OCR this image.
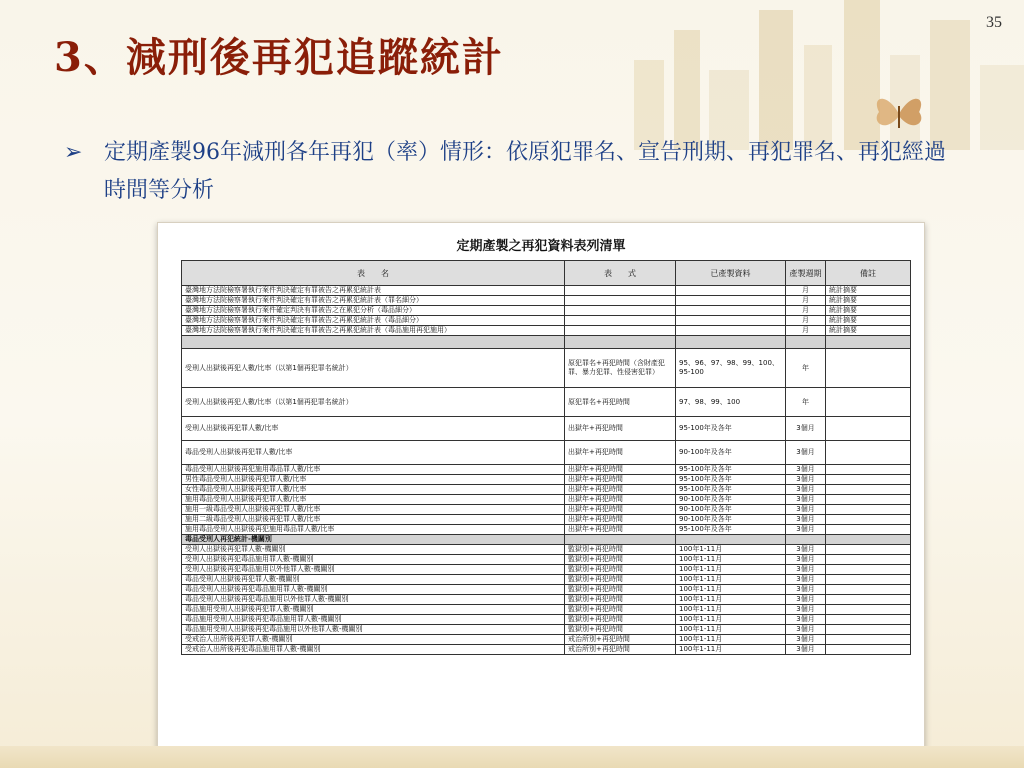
35
3、減刑後再犯追蹤統計
➢ 定期產製96年減刑各年再犯（率）情形：依原犯罪名、宣告刑期、再犯罪名、再犯經過時間等分析
定期產製之再犯資料表列清單
表　　名	表　　式	已產製資料	產製週期	備註
臺灣地方法院檢察署執行案件判決確定有罪被告之再累犯統計表			月	統計摘要
臺灣地方法院檢察署執行案件判決確定有罪被告之再累犯統計表（罪名細分）			月	統計摘要
臺灣地方法院檢察署執行案件確定判決有罪被告之在累犯分析（毒品細分）			月	統計摘要
臺灣地方法院檢察署執行案件判決確定有罪被告之再累犯統計表（毒品細分）			月	統計摘要
臺灣地方法院檢察署執行案件判決確定有罪被告之再累犯統計表（毒品施用再犯施用）			月	統計摘要

受刑人出獄後再犯人數/比率（以第1個再犯罪名統計）	原犯罪名+再犯時間（含財產犯罪、暴力犯罪、性侵害犯罪）	95、96、97、98、99、100、95-100	年	
受刑人出獄後再犯人數/比率（以第1個再犯罪名統計）	原犯罪名+再犯時間	97、98、99、100	年	
受刑人出獄後再犯罪人數/比率	出獄年+再犯時間	95-100年及各年	3個月	
毒品受刑人出獄後再犯罪人數/比率	出獄年+再犯時間	90-100年及各年	3個月	
毒品受刑人出獄後再犯施用毒品罪人數/比率	出獄年+再犯時間	95-100年及各年	3個月	
男性毒品受刑人出獄後再犯罪人數/比率	出獄年+再犯時間	95-100年及各年	3個月	
女性毒品受刑人出獄後再犯罪人數/比率	出獄年+再犯時間	95-100年及各年	3個月	
施用毒品受刑人出獄後再犯罪人數/比率	出獄年+再犯時間	90-100年及各年	3個月	
施用一級毒品受刑人出獄後再犯罪人數/比率	出獄年+再犯時間	90-100年及各年	3個月	
施用二級毒品受刑人出獄後再犯罪人數/比率	出獄年+再犯時間	90-100年及各年	3個月	
施用毒品受刑人出獄後再犯施用毒品罪人數/比率	出獄年+再犯時間	95-100年及各年	3個月	
毒品受刑人再犯統計-機關別				
受刑人出獄後再犯罪人數-機關別	監獄別+再犯時間	100年1-11月	3個月	
受刑人出獄後再犯毒品施用罪人數-機關別	監獄別+再犯時間	100年1-11月	3個月	
受刑人出獄後再犯毒品施用以外他罪人數-機關別	監獄別+再犯時間	100年1-11月	3個月	
毒品受刑人出獄後再犯罪人數-機關別	監獄別+再犯時間	100年1-11月	3個月	
毒品受刑人出獄後再犯毒品施用罪人數-機關別	監獄別+再犯時間	100年1-11月	3個月	
毒品受刑人出獄後再犯毒品施用以外他罪人數-機關別	監獄別+再犯時間	100年1-11月	3個月	
毒品施用受刑人出獄後再犯罪人數-機關別	監獄別+再犯時間	100年1-11月	3個月	
毒品施用受刑人出獄後再犯毒品施用罪人數-機關別	監獄別+再犯時間	100年1-11月	3個月	
毒品施用受刑人出獄後再犯毒品施用以外他罪人數-機關別	監獄別+再犯時間	100年1-11月	3個月	
受戒治人出所後再犯罪人數-機關別	戒治所別+再犯時間	100年1-11月	3個月	
受戒治人出所後再犯毒品施用罪人數-機關別	戒治所別+再犯時間	100年1-11月	3個月	
